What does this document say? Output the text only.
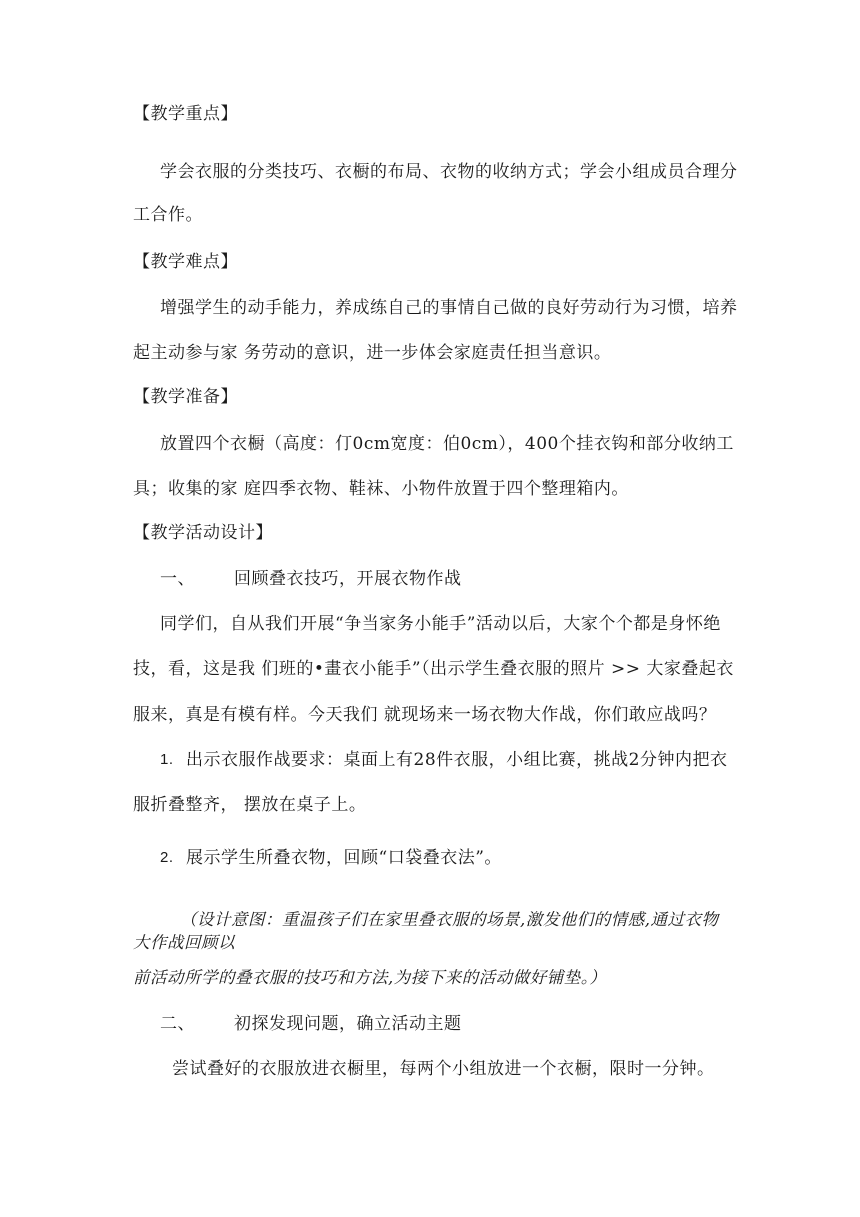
【教学重点】
学会衣服的分类技巧、衣橱的布局、衣物的收纳方式；学会小组成员合理分
工合作。
【教学难点】
增强学生的动手能力，养成练自己的事情自己做的良好劳动行为习惯，培养
起主动参与家 务劳动的意识，进一步体会家庭责任担当意识。
【教学准备】
放置四个衣橱（高度：仃0cm宽度：伯0cm），400个挂衣钩和部分收纳工
具；收集的家 庭四季衣物、鞋袜、小物件放置于四个整理箱内。
【教学活动设计】
一、 回顾叠衣技巧，开展衣物作战
同学们，自从我们开展“争当家务小能手”活动以后，大家个个都是身怀绝
技，看，这是我 们班的•畫衣小能手”（出示学生叠衣服的照片 >> 大家叠起衣
服来，真是有模有样。今天我们 就现场来一场衣物大作战，你们敢应战吗？
1. 出示衣服作战要求：桌面上有28件衣服，小组比赛，挑战2分钟内把衣
服折叠整齐， 摆放在桌子上。
2. 展示学生所叠衣物，回顾“口袋叠衣法”。
（设计意图：重温孩子们在家里叠衣服的场景,激发他们的情感,通过衣物
大作战回顾以
前活动所学的叠衣服的技巧和方法,为接下来的活动做好铺垫。）
二、 初探发现问题，确立活动主题
尝试叠好的衣服放进衣橱里，每两个小组放进一个衣橱，限时一分钟。
